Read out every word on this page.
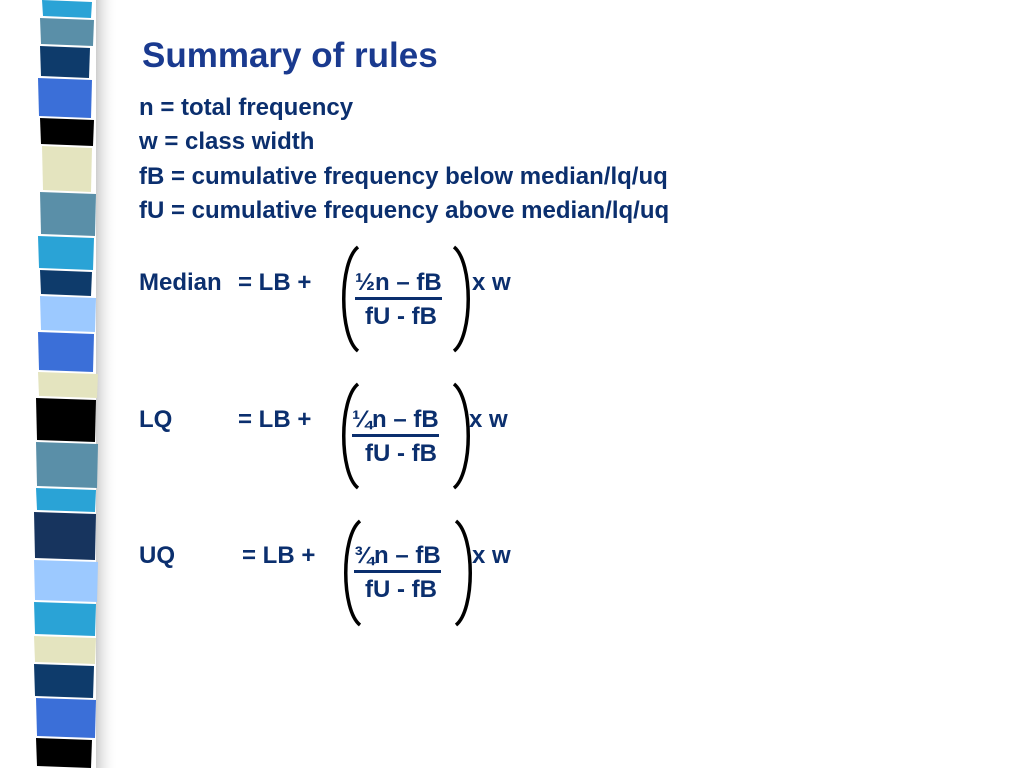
Summary of rules
n = total frequency
w = class width
fB = cumulative frequency below median/lq/uq
fU = cumulative frequency above median/lq/uq
Median = LB + ½n – fB
fU - fB
x w
LQ	= LB + ¼n – fB
fU - fB
x w
UQ	= LB + ¾n – fB
fU - fB
x w
